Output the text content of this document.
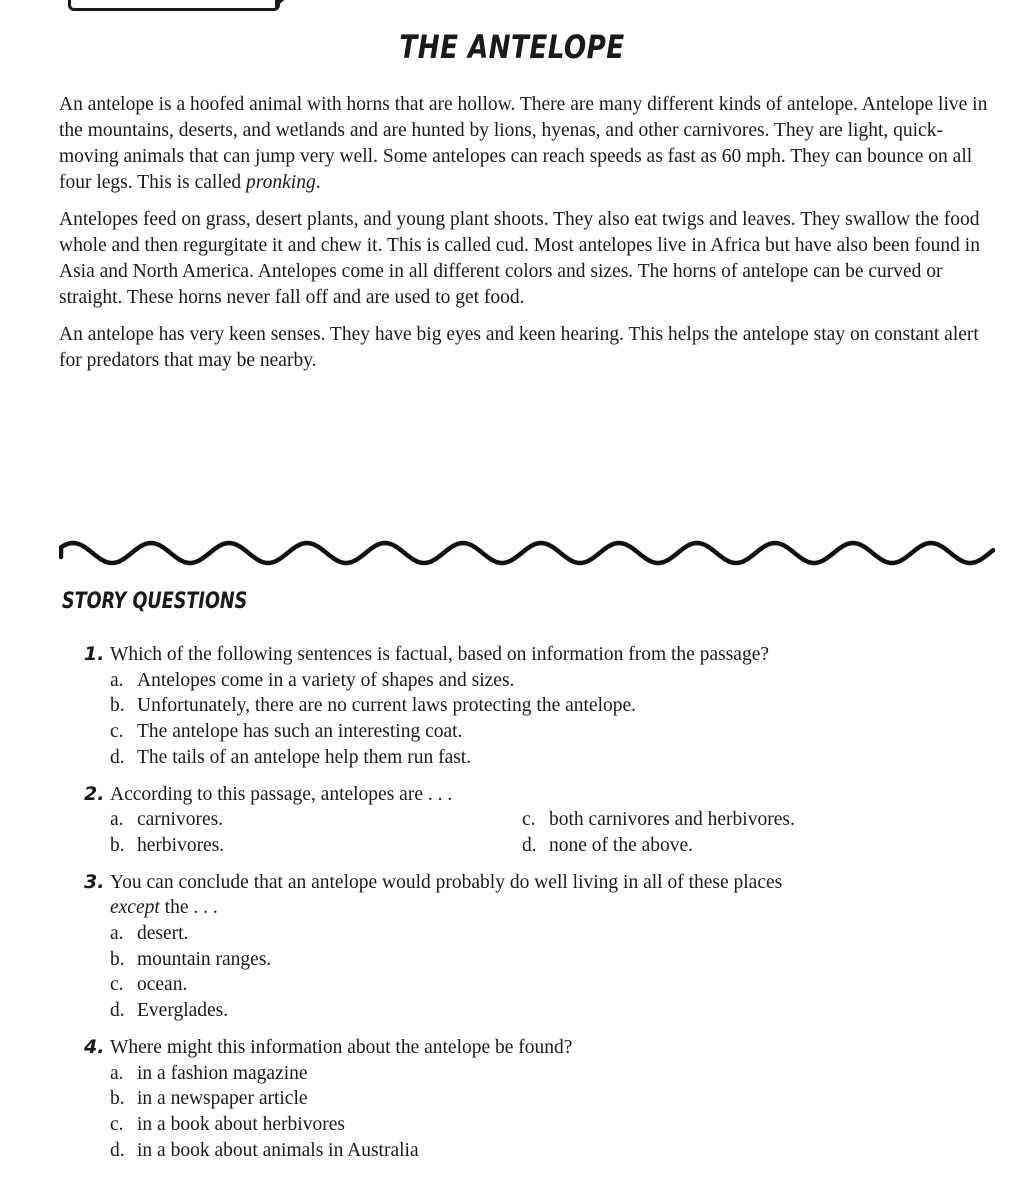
THE ANTELOPE

An antelope is a hoofed animal with horns that are hollow. There are many different kinds of antelope. Antelope live in the mountains, deserts, and wetlands and are hunted by lions, hyenas, and other carnivores. They are light, quick-moving animals that can jump very well. Some antelopes can reach speeds as fast as 60 mph. They can bounce on all four legs. This is called pronking.

Antelopes feed on grass, desert plants, and young plant shoots. They also eat twigs and leaves. They swallow the food whole and then regurgitate it and chew it. This is called cud. Most antelopes live in Africa but have also been found in Asia and North America. Antelopes come in all different colors and sizes. The horns of antelope can be curved or straight. These horns never fall off and are used to get food.

An antelope has very keen senses. They have big eyes and keen hearing. This helps the antelope stay on constant alert for predators that may be nearby.

STORY QUESTIONS
1. Which of the following sentences is factual, based on information from the passage?
a. Antelopes come in a variety of shapes and sizes.
b. Unfortunately, there are no current laws protecting the antelope.
c. The antelope has such an interesting coat.
d. The tails of an antelope help them run fast.
2. According to this passage, antelopes are . . .
a. carnivores.	c. both carnivores and herbivores.
b. herbivores.	d. none of the above.
3. You can conclude that an antelope would probably do well living in all of these places except the . . .
a. desert.
b. mountain ranges.
c. ocean.
d. Everglades.
4. Where might this information about the antelope be found?
a. in a fashion magazine
b. in a newspaper article
c. in a book about herbivores
d. in a book about animals in Australia
